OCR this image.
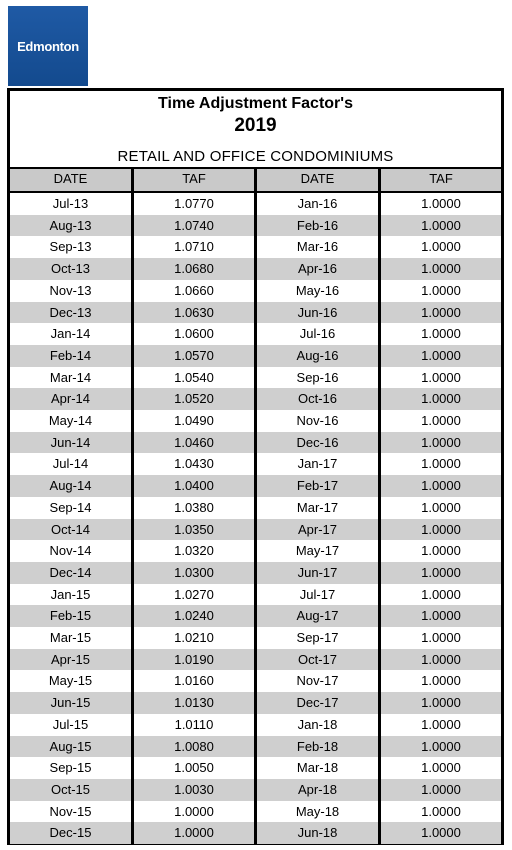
Edmonton
Time Adjustment Factor's
2019
RETAIL AND OFFICE CONDOMINIUMS
DATE	TAF	DATE	TAF
Jul-13	1.0770	Jan-16	1.0000
Aug-13	1.0740	Feb-16	1.0000
Sep-13	1.0710	Mar-16	1.0000
Oct-13	1.0680	Apr-16	1.0000
Nov-13	1.0660	May-16	1.0000
Dec-13	1.0630	Jun-16	1.0000
Jan-14	1.0600	Jul-16	1.0000
Feb-14	1.0570	Aug-16	1.0000
Mar-14	1.0540	Sep-16	1.0000
Apr-14	1.0520	Oct-16	1.0000
May-14	1.0490	Nov-16	1.0000
Jun-14	1.0460	Dec-16	1.0000
Jul-14	1.0430	Jan-17	1.0000
Aug-14	1.0400	Feb-17	1.0000
Sep-14	1.0380	Mar-17	1.0000
Oct-14	1.0350	Apr-17	1.0000
Nov-14	1.0320	May-17	1.0000
Dec-14	1.0300	Jun-17	1.0000
Jan-15	1.0270	Jul-17	1.0000
Feb-15	1.0240	Aug-17	1.0000
Mar-15	1.0210	Sep-17	1.0000
Apr-15	1.0190	Oct-17	1.0000
May-15	1.0160	Nov-17	1.0000
Jun-15	1.0130	Dec-17	1.0000
Jul-15	1.0110	Jan-18	1.0000
Aug-15	1.0080	Feb-18	1.0000
Sep-15	1.0050	Mar-18	1.0000
Oct-15	1.0030	Apr-18	1.0000
Nov-15	1.0000	May-18	1.0000
Dec-15	1.0000	Jun-18	1.0000
